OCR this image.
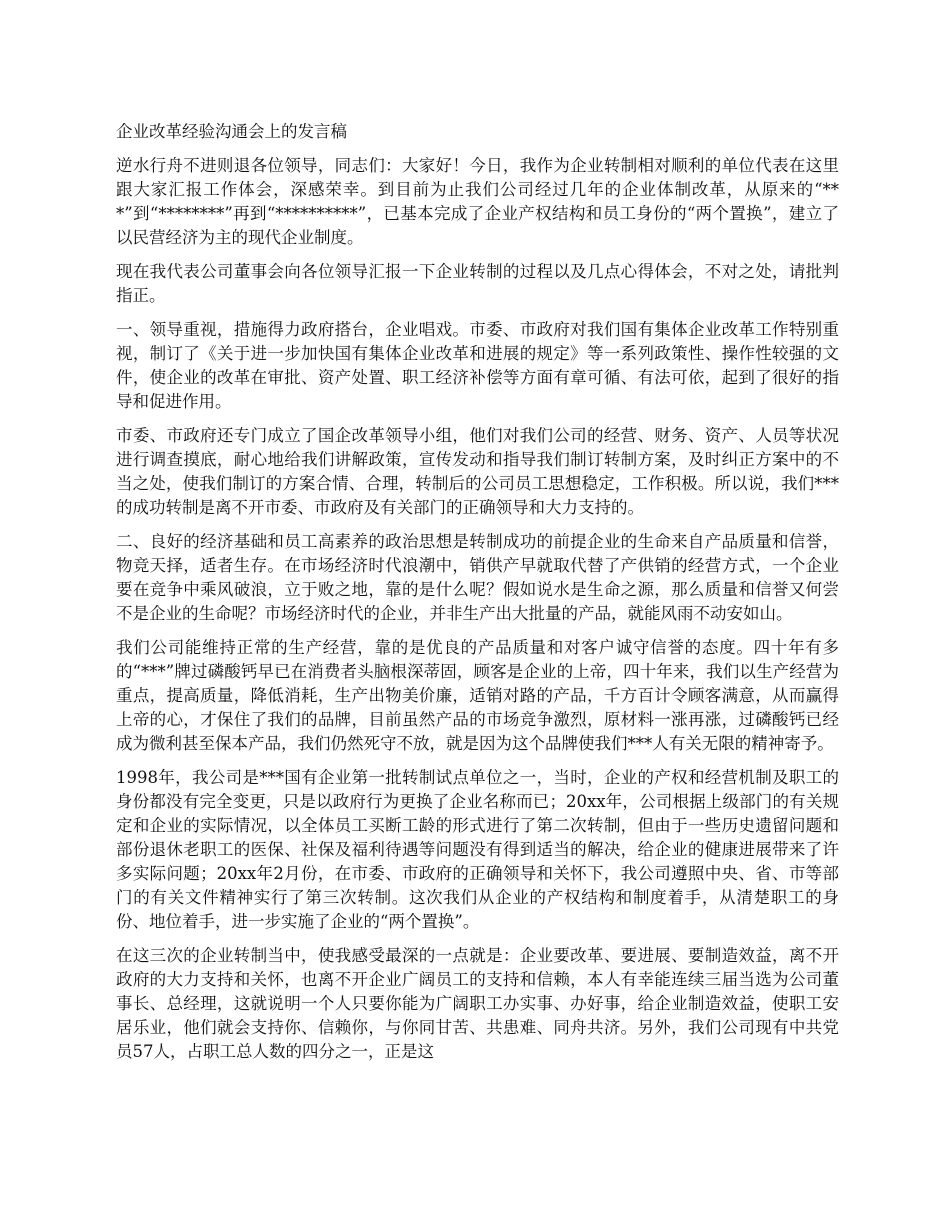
企业改革经验沟通会上的发言稿

逆水行舟不进则退各位领导，同志们：大家好！今日，我作为企业转制相对顺利的单位代表在这里跟大家汇报工作体会，深感荣幸。到目前为止我们公司经过几年的企业体制改革，从原来的“***”到“********”再到“**********”，已基本完成了企业产权结构和员工身份的“两个置换”，建立了以民营经济为主的现代企业制度。

现在我代表公司董事会向各位领导汇报一下企业转制的过程以及几点心得体会，不对之处，请批判指正。

一、领导重视，措施得力政府搭台，企业唱戏。市委、市政府对我们国有集体企业改革工作特别重视，制订了《关于进一步加快国有集体企业改革和进展的规定》等一系列政策性、操作性较强的文件，使企业的改革在审批、资产处置、职工经济补偿等方面有章可循、有法可依，起到了很好的指导和促进作用。

市委、市政府还专门成立了国企改革领导小组，他们对我们公司的经营、财务、资产、人员等状况进行调查摸底，耐心地给我们讲解政策，宣传发动和指导我们制订转制方案，及时纠正方案中的不当之处，使我们制订的方案合情、合理，转制后的公司员工思想稳定，工作积极。所以说，我们***的成功转制是离不开市委、市政府及有关部门的正确领导和大力支持的。

二、良好的经济基础和员工高素养的政治思想是转制成功的前提企业的生命来自产品质量和信誉，物竞天择，适者生存。在市场经济时代浪潮中，销供产早就取代替了产供销的经营方式，一个企业要在竞争中乘风破浪，立于败之地，靠的是什么呢？假如说水是生命之源，那么质量和信誉又何尝不是企业的生命呢？市场经济时代的企业，并非生产出大批量的产品，就能风雨不动安如山。

我们公司能维持正常的生产经营，靠的是优良的产品质量和对客户诚守信誉的态度。四十年有多的“***”牌过磷酸钙早已在消费者头脑根深蒂固，顾客是企业的上帝，四十年来，我们以生产经营为重点，提高质量，降低消耗，生产出物美价廉，适销对路的产品，千方百计令顾客满意，从而赢得上帝的心，才保住了我们的品牌，目前虽然产品的市场竞争激烈，原材料一涨再涨，过磷酸钙已经成为微利甚至保本产品，我们仍然死守不放，就是因为这个品牌使我们***人有关无限的精神寄予。

1998年，我公司是***国有企业第一批转制试点单位之一，当时，企业的产权和经营机制及职工的身份都没有完全变更，只是以政府行为更换了企业名称而已；20xx年，公司根据上级部门的有关规定和企业的实际情况，以全体员工买断工龄的形式进行了第二次转制，但由于一些历史遗留问题和部份退休老职工的医保、社保及福利待遇等问题没有得到适当的解决，给企业的健康进展带来了许多实际问题；20xx年2月份，在市委、市政府的正确领导和关怀下，我公司遵照中央、省、市等部门的有关文件精神实行了第三次转制。这次我们从企业的产权结构和制度着手，从清楚职工的身份、地位着手，进一步实施了企业的“两个置换”。

在这三次的企业转制当中，使我感受最深的一点就是：企业要改革、要进展、要制造效益，离不开政府的大力支持和关怀，也离不开企业广阔员工的支持和信赖，本人有幸能连续三届当选为公司董事长、总经理，这就说明一个人只要你能为广阔职工办实事、办好事，给企业制造效益，使职工安居乐业，他们就会支持你、信赖你，与你同甘苦、共患难、同舟共济。另外，我们公司现有中共党员57人，占职工总人数的四分之一，正是这
